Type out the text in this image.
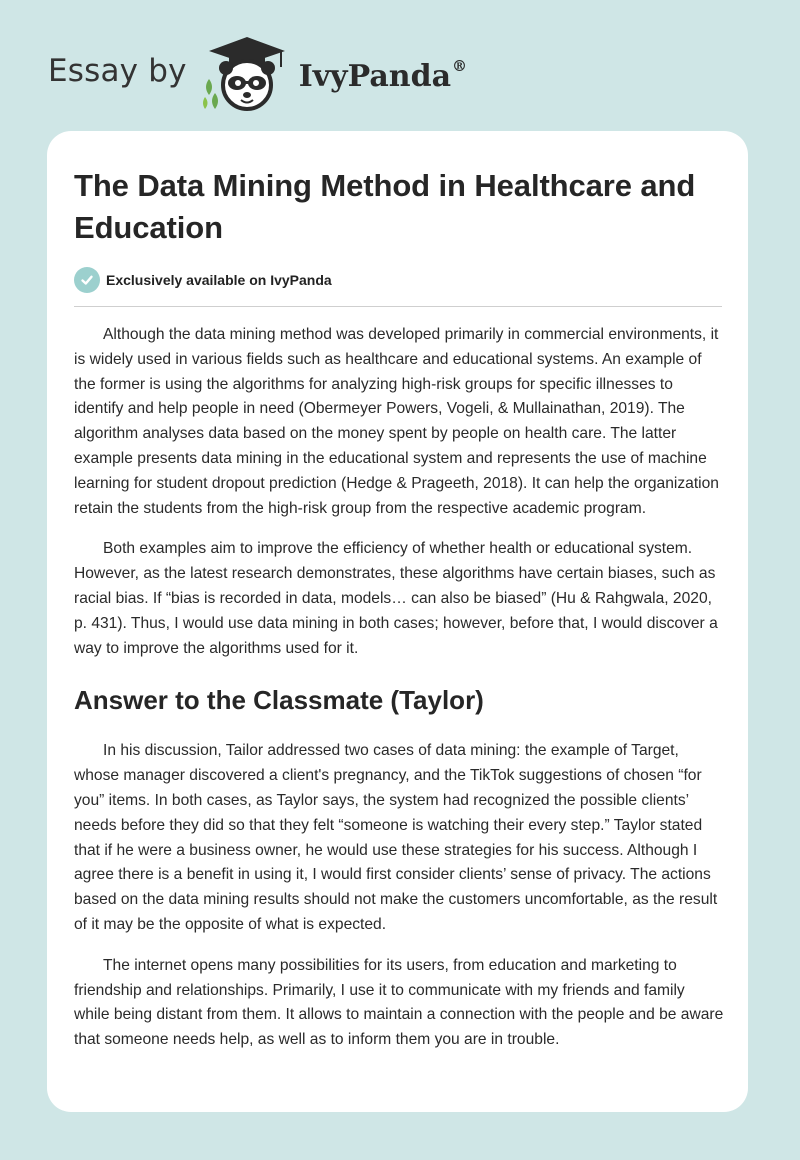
Essay by	IvyPanda®
The Data Mining Method in Healthcare and Education
Exclusively available on IvyPanda

Although the data mining method was developed primarily in commercial environments, it is widely used in various fields such as healthcare and educational systems. An example of the former is using the algorithms for analyzing high-risk groups for specific illnesses to identify and help people in need (Obermeyer Powers, Vogeli, & Mullainathan, 2019). The algorithm analyses data based on the money spent by people on health care. The latter example presents data mining in the educational system and represents the use of machine learning for student dropout prediction (Hedge & Prageeth, 2018). It can help the organization retain the students from the high-risk group from the respective academic program.

Both examples aim to improve the efficiency of whether health or educational system. However, as the latest research demonstrates, these algorithms have certain biases, such as racial bias. If “bias is recorded in data, models… can also be biased” (Hu & Rahgwala, 2020, p. 431). Thus, I would use data mining in both cases; however, before that, I would discover a way to improve the algorithms used for it.

Answer to the Classmate (Taylor)

In his discussion, Tailor addressed two cases of data mining: the example of Target, whose manager discovered a client's pregnancy, and the TikTok suggestions of chosen “for you” items. In both cases, as Taylor says, the system had recognized the possible clients’ needs before they did so that they felt “someone is watching their every step.” Taylor stated that if he were a business owner, he would use these strategies for his success. Although I agree there is a benefit in using it, I would first consider clients’ sense of privacy. The actions based on the data mining results should not make the customers uncomfortable, as the result of it may be the opposite of what is expected.

The internet opens many possibilities for its users, from education and marketing to friendship and relationships. Primarily, I use it to communicate with my friends and family while being distant from them. It allows to maintain a connection with the people and be aware that someone needs help, as well as to inform them you are in trouble.
